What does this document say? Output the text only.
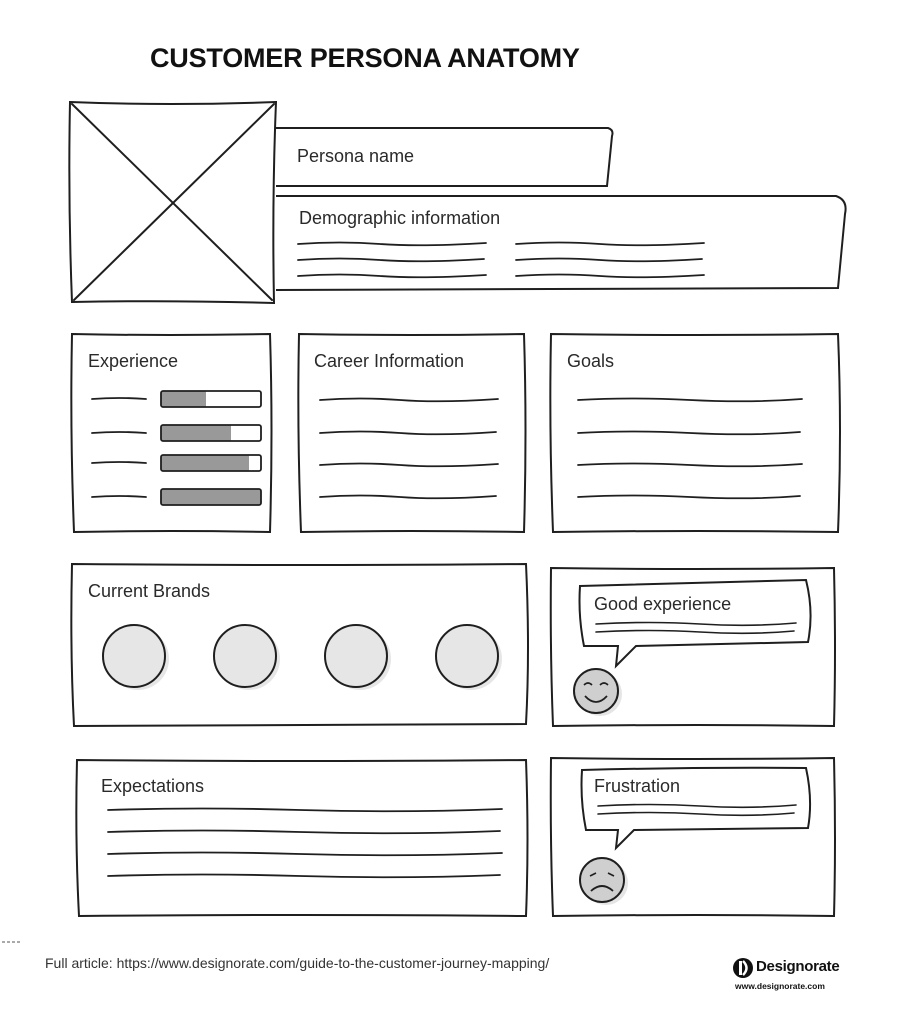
CUSTOMER PERSONA ANATOMY
Persona name
Demographic information
Experience	Career Information	Goals
Current Brands
Good experience
Expectations	Frustration
Full article: https://www.designorate.com/guide-to-the-customer-journey-mapping/	Designorate
www.designorate.com
